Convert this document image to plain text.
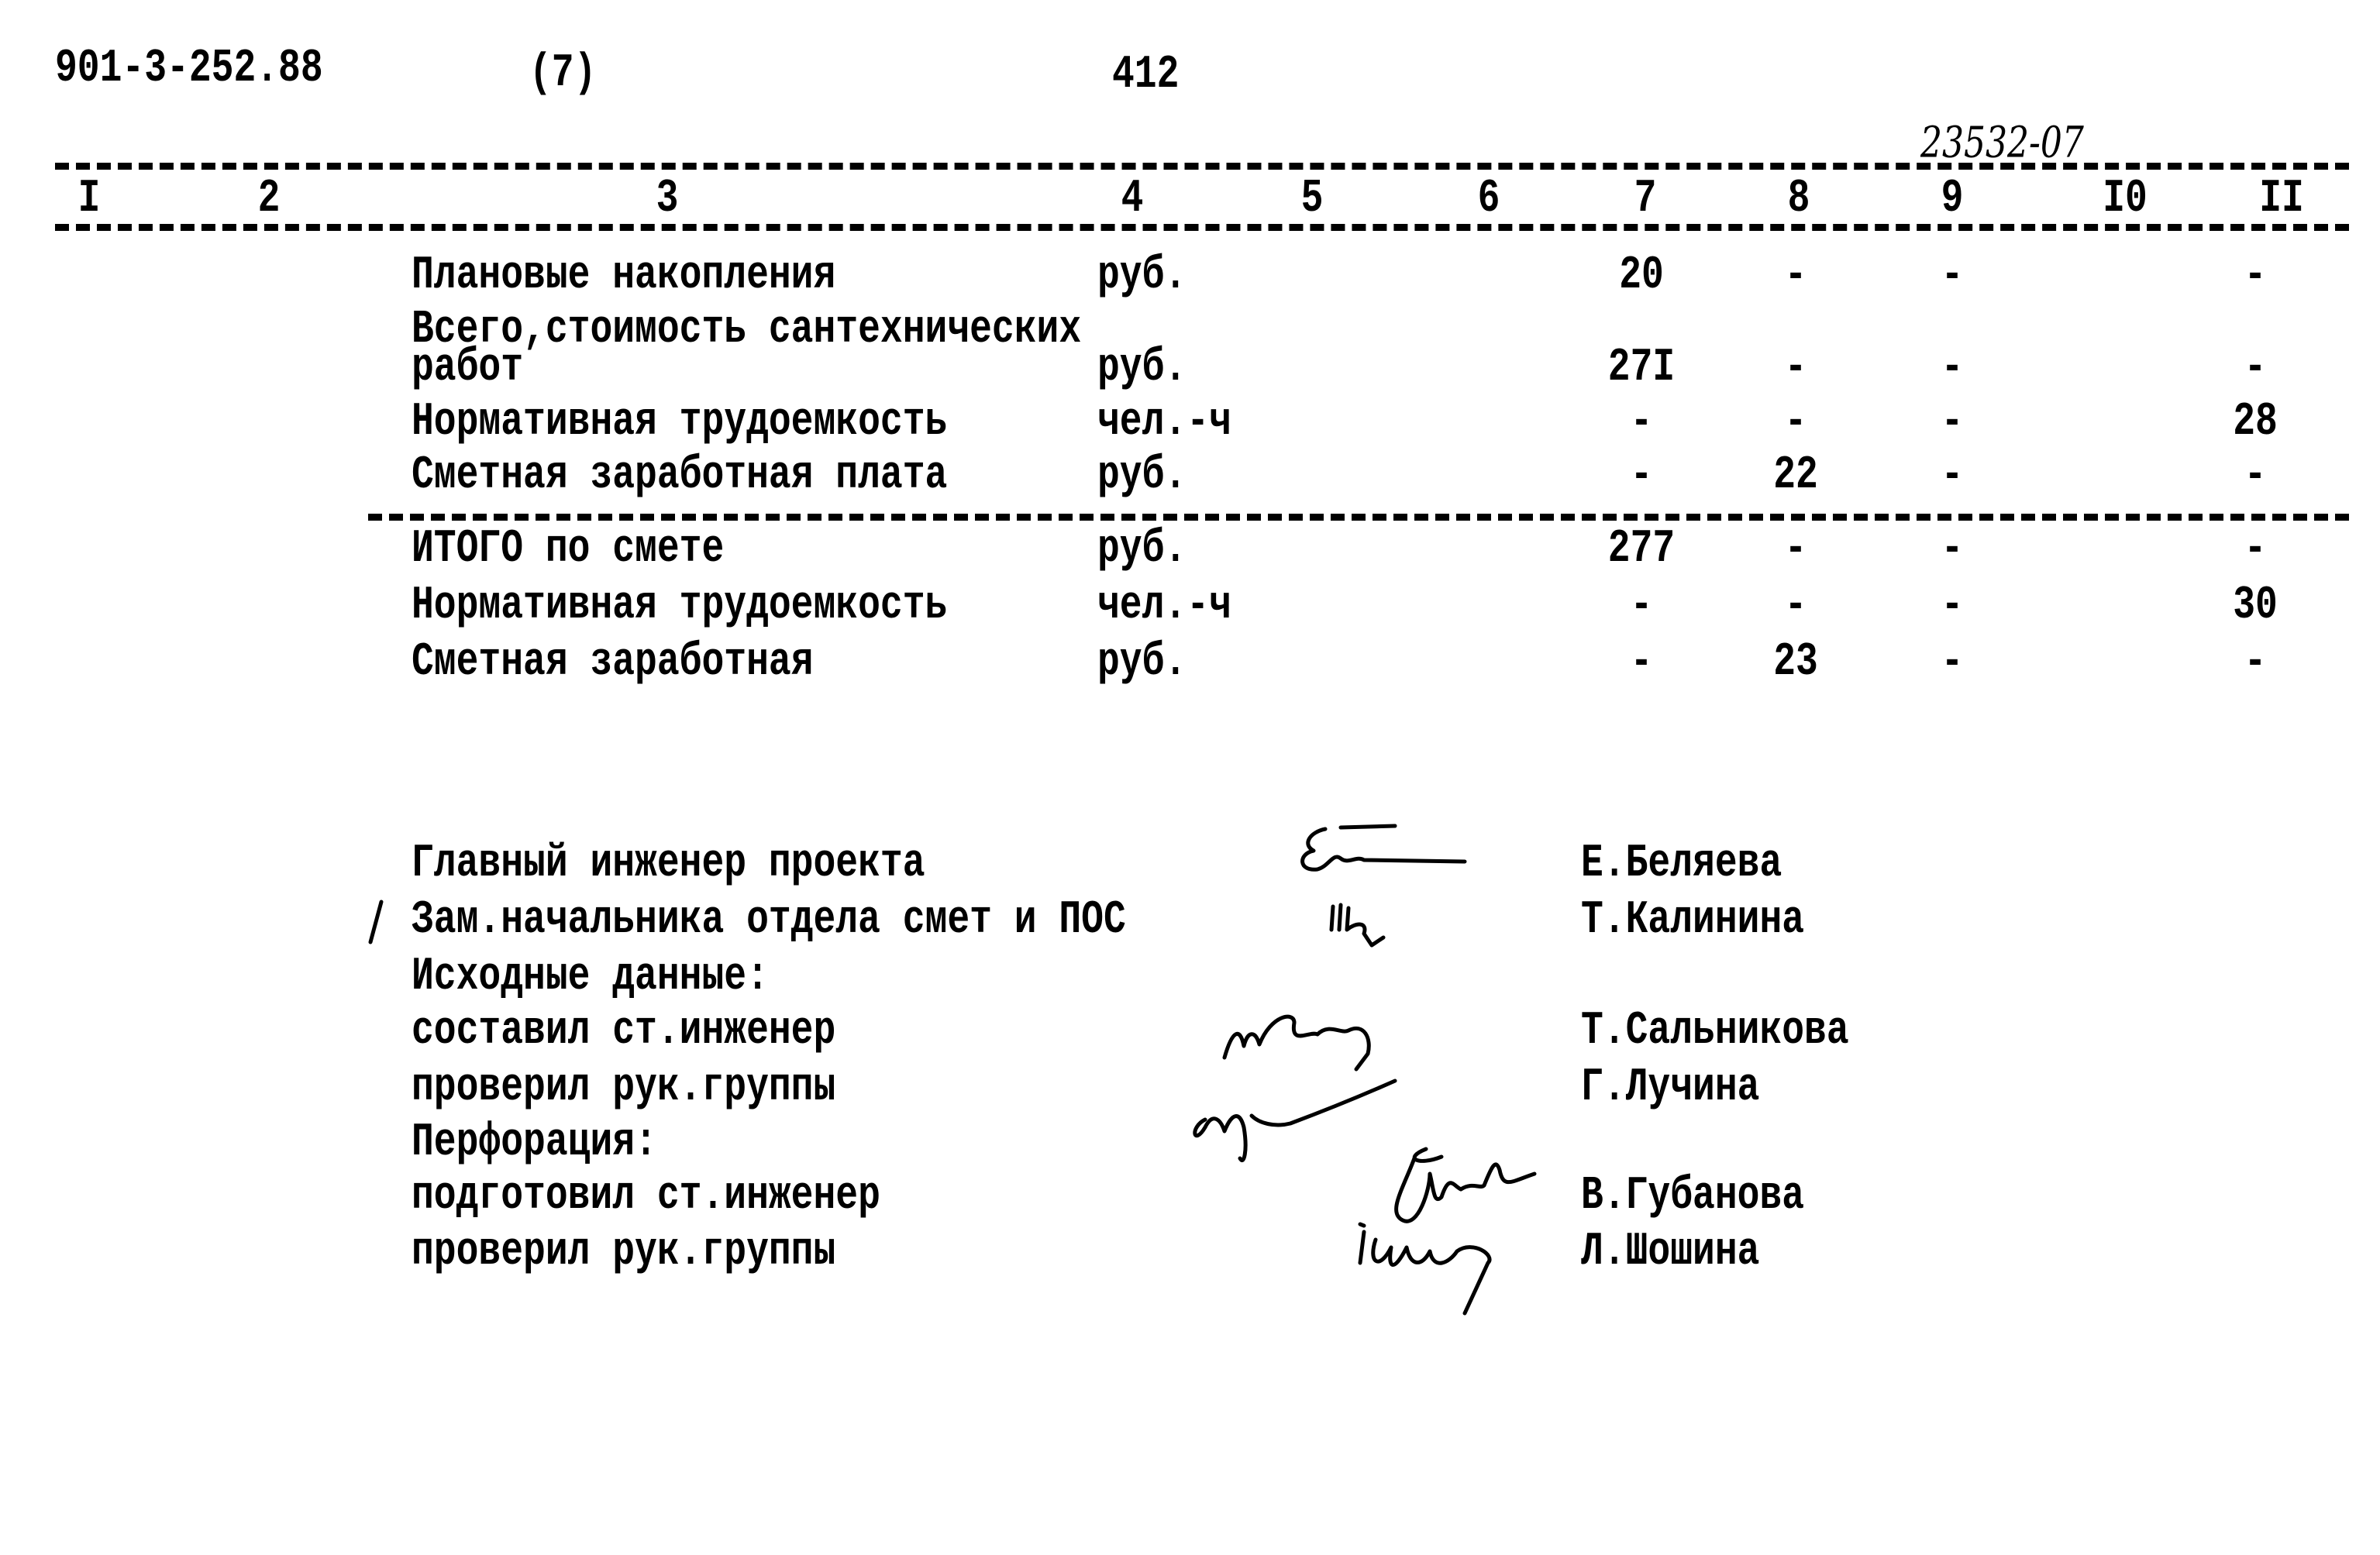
901-3-252.88	(7)	412
23532-07
I	2	3	4	5	6	7	8	9	I0	II
Плановые накопления	руб.	20	-	-	-
Всего,стоимость сантехнических
работ	руб.	27I	-	-	-
Нормативная трудоемкость	чел.-ч	-	-	-	28
Сметная заработная плата	руб.	-	22	-	-
ИТОГО по смете	руб.	277	-	-	-
Нормативная трудоемкость	чел.-ч	-	-	-	30
Сметная заработная	руб.	-	23	-	-
Главный инженер проекта	Е.Беляева
Зам.начальника отдела смет и ПОС	Т.Калинина
Исходные данные:
составил ст.инженер	Т.Сальникова
проверил рук.группы	Г.Лучина
Перфорация:
подготовил ст.инженер	В.Губанова
проверил рук.группы	Л.Шошина
